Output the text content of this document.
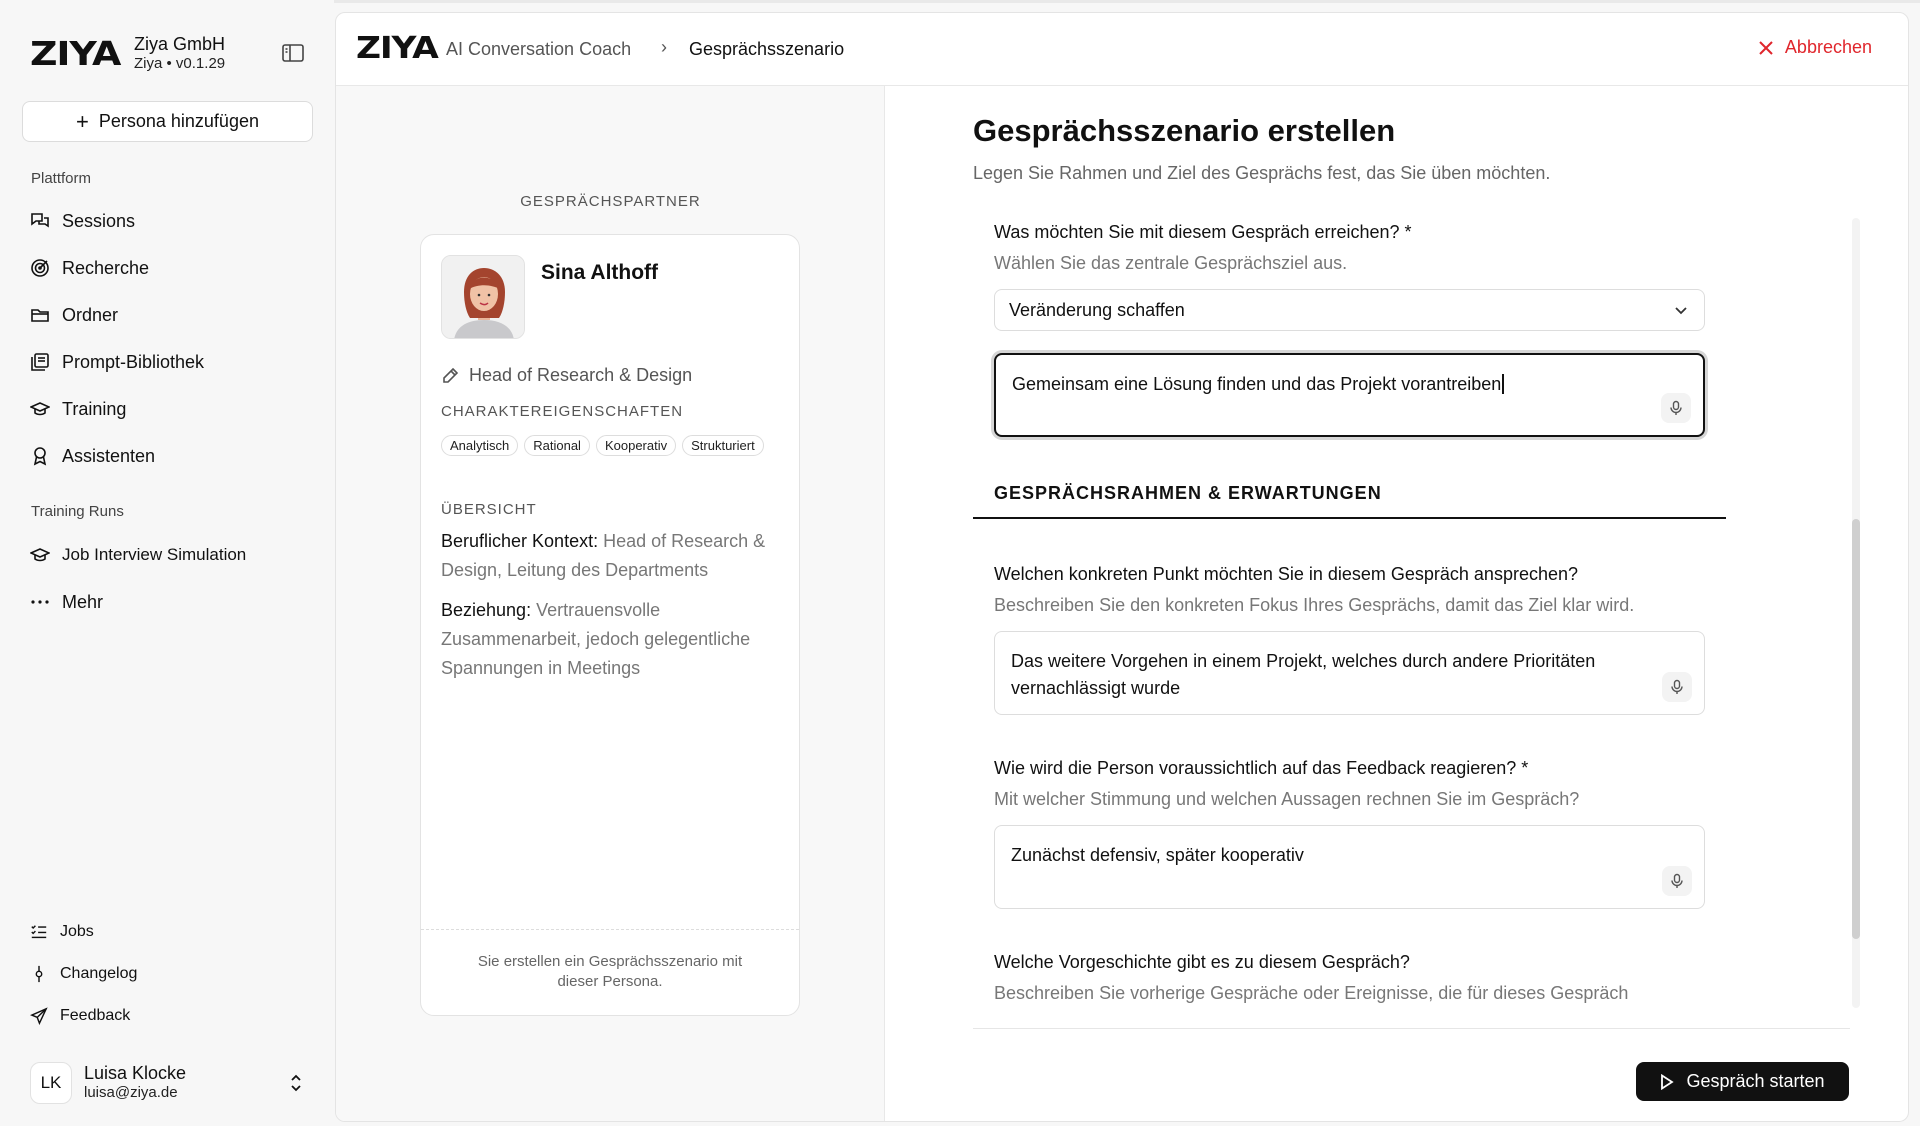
ZIYA Ziya GmbH
Ziya • v0.1.29
+ Persona hinzufügen
Plattform
Sessions
Recherche
Ordner
Prompt-Bibliothek
Training
Assistenten
Training Runs
Job Interview Simulation
Mehr
Jobs
Changelog
Feedback
LK	Luisa Klocke
luisa@ziya.de
ZIYA AI Conversation Coach › Gesprächsszenario	Abbrechen
GESPRÄCHSPARTNER
Sina Althoff
Head of Research & Design
CHARAKTEREIGENSCHAFTEN
Analytisch	Rational	Kooperativ	Strukturiert
ÜBERSICHT
Beruflicher Kontext: Head of Research & Design, Leitung des Departments
Beziehung: Vertrauensvolle Zusammenarbeit, jedoch gelegentliche Spannungen in Meetings
Sie erstellen ein Gesprächsszenario mit dieser Persona.
Gesprächsszenario erstellen
Legen Sie Rahmen und Ziel des Gesprächs fest, das Sie üben möchten.
Was möchten Sie mit diesem Gespräch erreichen? *
Wählen Sie das zentrale Gesprächsziel aus.
Veränderung schaffen
Gemeinsam eine Lösung finden und das Projekt vorantreiben
GESPRÄCHSRAHMEN & ERWARTUNGEN
Welchen konkreten Punkt möchten Sie in diesem Gespräch ansprechen?
Beschreiben Sie den konkreten Fokus Ihres Gesprächs, damit das Ziel klar wird.
Das weitere Vorgehen in einem Projekt, welches durch andere Prioritäten vernachlässigt wurde
Wie wird die Person voraussichtlich auf das Feedback reagieren? *
Mit welcher Stimmung und welchen Aussagen rechnen Sie im Gespräch?
Zunächst defensiv, später kooperativ
Welche Vorgeschichte gibt es zu diesem Gespräch?
Beschreiben Sie vorherige Gespräche oder Ereignisse, die für dieses Gespräch
Gespräch starten
